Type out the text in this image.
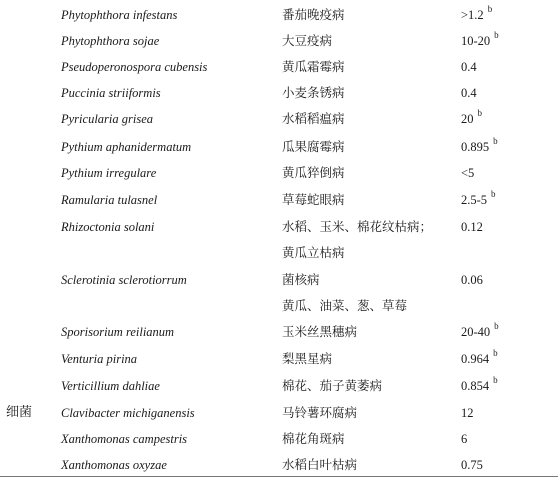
Phytophthora infestans	番茄晚疫病	>1.2 $^b$
Phytophthora sojae	大豆疫病	10-20 $^b$
Pseudoperonospora cubensis	黄瓜霜霉病	0.4
Puccinia striiformis	小麦条锈病	0.4
Pyricularia grisea	水稻稻瘟病	20 $^b$
Pythium aphanidermatum	瓜果腐霉病	0.895 $^b$
Pythium irregulare	黄瓜猝倒病	<5
Ramularia tulasnel	草莓蛇眼病	2.5-5 $^b$
Rhizoctonia solani	水稻、玉米、棉花纹枯病； 0.12
黄瓜立枯病
Sclerotinia sclerotiorrum	菌核病	0.06
黄瓜、油菜、葱、草莓
Sporisorium reilianum	玉米丝黑穗病	20-40 $^b$
Venturia pirina	梨黑星病	0.964 $^b$
Verticillium dahliae	棉花、茄子黄萎病	0.854 $^b$
细菌 Clavibacter michiganensis	马铃薯环腐病	12
Xanthomonas campestris	棉花角斑病	6
Xanthomonas oxyzae	水稻白叶枯病	0.75
